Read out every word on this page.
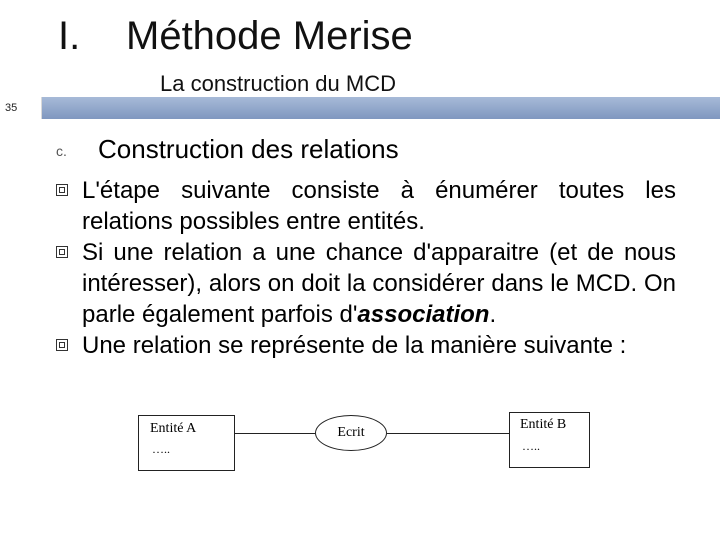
I. Méthode Merise
La construction du MCD
35
c. Construction des relations
L'étape suivante consiste à énumérer toutes les relations possibles entre entités.
Si une relation a une chance d'apparaitre (et de nous intéresser), alors on doit la considérer dans le MCD. On parle également parfois d'association.
Une relation se représente de la manière suivante :
Entité A
…..
Ecrit
Entité B
…..
